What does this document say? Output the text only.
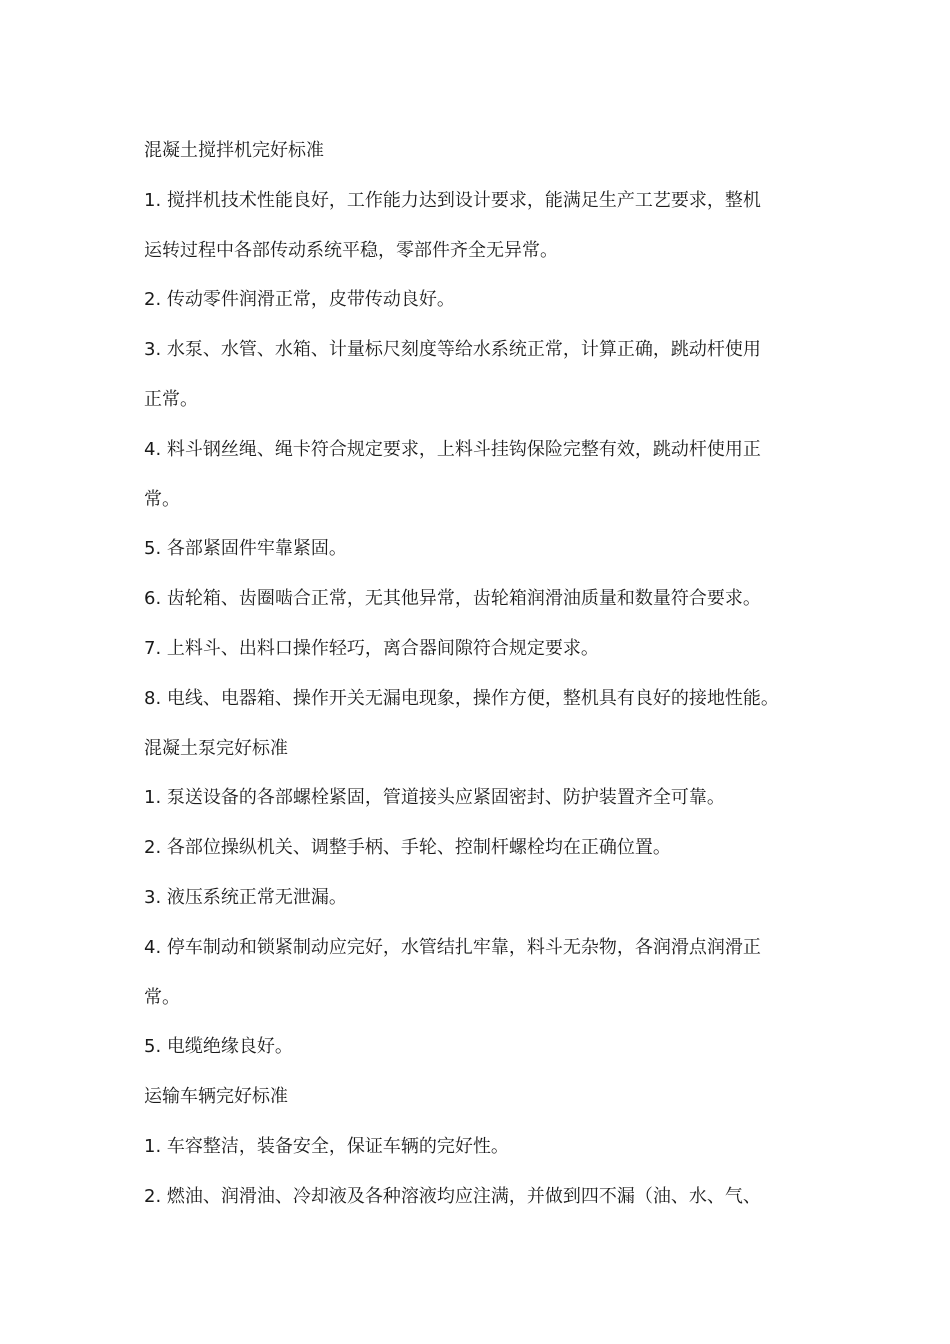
混凝土搅拌机完好标准

1. 搅拌机技术性能良好，工作能力达到设计要求，能满足生产工艺要求，整机

运转过程中各部传动系统平稳，零部件齐全无异常。

2. 传动零件润滑正常，皮带传动良好。

3. 水泵、水管、水箱、计量标尺刻度等给水系统正常，计算正确，跳动杆使用

正常。

4. 料斗钢丝绳、绳卡符合规定要求，上料斗挂钩保险完整有效，跳动杆使用正

常。

5. 各部紧固件牢靠紧固。

6. 齿轮箱、齿圈啮合正常，无其他异常，齿轮箱润滑油质量和数量符合要求。

7. 上料斗、出料口操作轻巧，离合器间隙符合规定要求。

8. 电线、电器箱、操作开关无漏电现象，操作方便，整机具有良好的接地性能。

混凝土泵完好标准

1. 泵送设备的各部螺栓紧固，管道接头应紧固密封、防护装置齐全可靠。

2. 各部位操纵机关、调整手柄、手轮、控制杆螺栓均在正确位置。

3. 液压系统正常无泄漏。

4. 停车制动和锁紧制动应完好，水管结扎牢靠，料斗无杂物，各润滑点润滑正

常。

5. 电缆绝缘良好。

运输车辆完好标准

1. 车容整洁，装备安全，保证车辆的完好性。

2. 燃油、润滑油、冷却液及各种溶液均应注满，并做到四不漏（油、水、气、
